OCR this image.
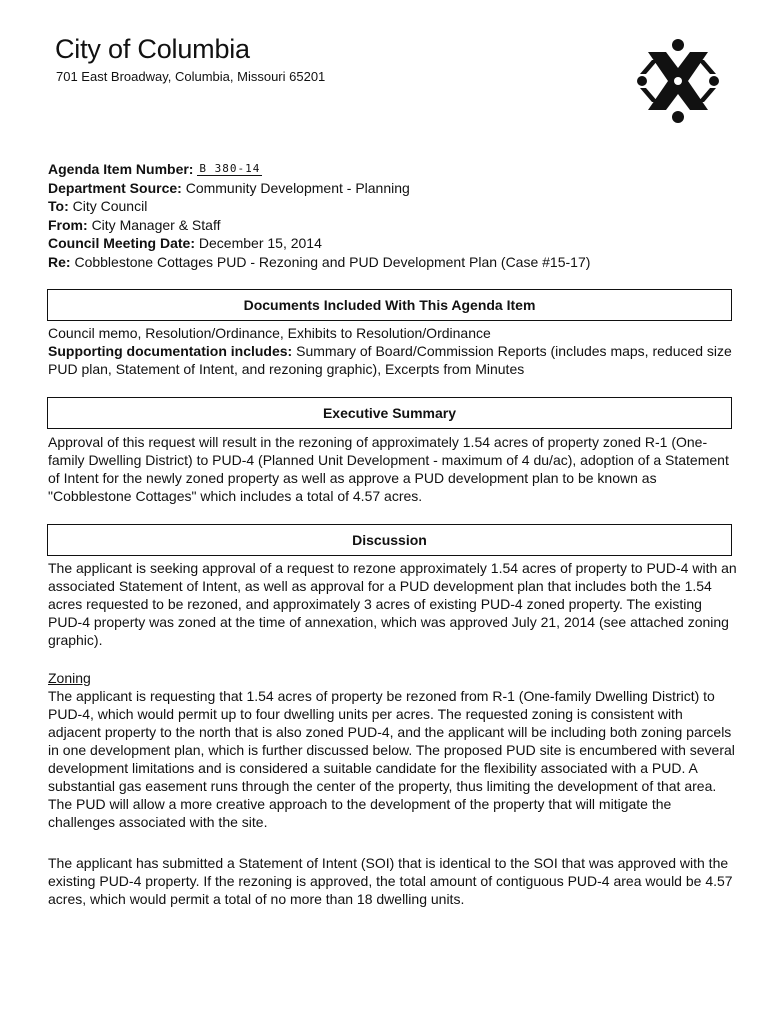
City of Columbia
701 East Broadway, Columbia, Missouri 65201
Agenda Item Number: B 380-14
Department Source: Community Development - Planning
To: City Council
From: City Manager & Staff
Council Meeting Date: December 15, 2014
Re: Cobblestone Cottages PUD - Rezoning and PUD Development Plan (Case #15-17)
Documents Included With This Agenda Item
Council memo, Resolution/Ordinance, Exhibits to Resolution/Ordinance
Supporting documentation includes: Summary of Board/Commission Reports (includes maps, reduced size PUD plan, Statement of Intent, and rezoning graphic), Excerpts from Minutes
Executive Summary
Approval of this request will result in the rezoning of approximately 1.54 acres of property zoned R-1 (One-family Dwelling District) to PUD-4 (Planned Unit Development - maximum of 4 du/ac), adoption of a Statement of Intent for the newly zoned property as well as approve a PUD development plan to be known as "Cobblestone Cottages" which includes a total of 4.57 acres.
Discussion
The applicant is seeking approval of a request to rezone approximately 1.54 acres of property to PUD-4 with an associated Statement of Intent, as well as approval for a PUD development plan that includes both the 1.54 acres requested to be rezoned, and approximately 3 acres of existing PUD-4 zoned property. The existing PUD-4 property was zoned at the time of annexation, which was approved July 21, 2014 (see attached zoning graphic).
Zoning
The applicant is requesting that 1.54 acres of property be rezoned from R-1 (One-family Dwelling District) to PUD-4, which would permit up to four dwelling units per acres. The requested zoning is consistent with adjacent property to the north that is also zoned PUD-4, and the applicant will be including both zoning parcels in one development plan, which is further discussed below. The proposed PUD site is encumbered with several development limitations and is considered a suitable candidate for the flexibility associated with a PUD. A substantial gas easement runs through the center of the property, thus limiting the development of that area. The PUD will allow a more creative approach to the development of the property that will mitigate the challenges associated with the site.
The applicant has submitted a Statement of Intent (SOI) that is identical to the SOI that was approved with the existing PUD-4 property. If the rezoning is approved, the total amount of contiguous PUD-4 area would be 4.57 acres, which would permit a total of no more than 18 dwelling units.
